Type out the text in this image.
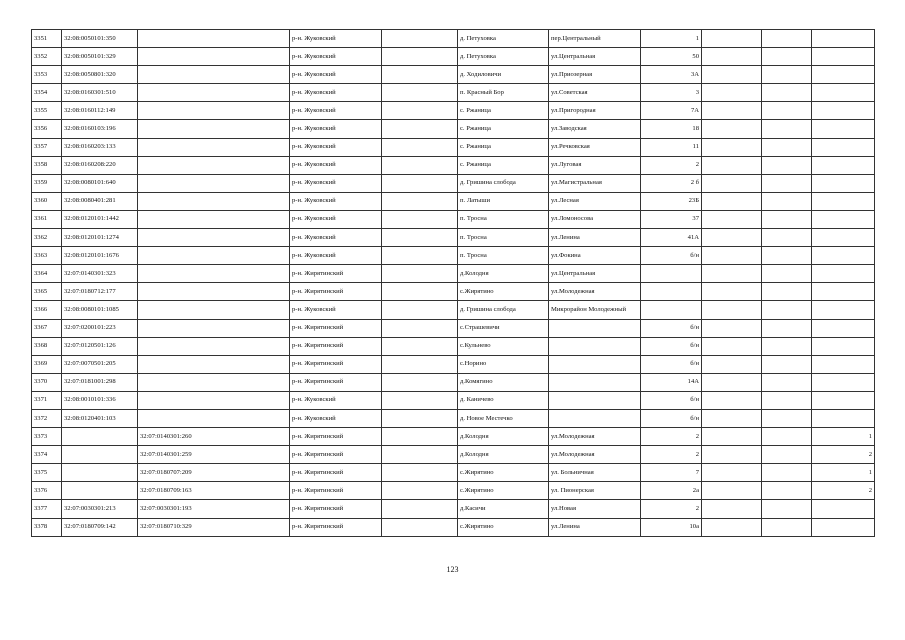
3351	32:08:0050101:350		р-н. Жуковский		д. Петуховка	пер.Центральный	1			
3352	32:08:0050101:329		р-н. Жуковский		д. Петуховка	ул.Центральная	50			
3353	32:08:0050801:320		р-н. Жуковский		д. Ходиловичи	ул.Приозерная	3А			
3354	32:08:0160301:510		р-н. Жуковский		п. Красный Бор	ул.Советская	3			
3355	32:08:0160112:149		р-н. Жуковский		с. Ржаница	ул.Пригородная	7А			
3356	32:08:0160103:196		р-н. Жуковский		с. Ржаница	ул.Заводская	18			
3357	32:08:0160203:133		р-н. Жуковский		с. Ржаница	ул.Речковская	11			
3358	32:08:0160208:220		р-н. Жуковский		с. Ржаница	ул.Луговая	2			
3359	32:08:0080101:640		р-н. Жуковский		д. Гришина слобода	ул.Магистральная	2 б			
3360	32:08:0080401:281		р-н. Жуковский		п. Латыши	ул.Лесная	23Б			
3361	32:08:0120101:1442		р-н. Жуковский		п. Тросна	ул.Ломоносова	37			
3362	32:08:0120101:1274		р-н. Жуковский		п. Тросна	ул.Ленина	41А			
3363	32:08:0120101:1676		р-н. Жуковский		п. Тросна	ул.Фокина	б/н			
3364	32:07:0140301:323		р-н. Жирятинский		д.Колодня	ул.Центральная				
3365	32:07:0180712:177		р-н. Жирятинский		с.Жирятино	ул.Молодежная				
3366	32:08:0080101:1085		р-н. Жуковский		д. Гришина слобода	Микрорайон Молодежный				
3367	32:07:0200101:223		р-н. Жирятинский		с.Страшевичи		б/н			
3368	32:07:0120501:126		р-н. Жирятинский		с.Кульнево		б/н			
3369	32:07:0070501:205		р-н. Жирятинский		с.Норино		б/н			
3370	32:07:0181001:298		р-н. Жирятинский		д.Комягино		14А			
3371	32:08:0010101:336		р-н. Жуковский		д. Каничево		б/н			
3372	32:08:0120401:103		р-н. Жуковский		д. Новое Местечко		б/н			
3373		32:07:0140301:260	р-н. Жирятинский		д.Колодня	ул.Молодежная	2			1
3374		32:07:0140301:259	р-н. Жирятинский		д.Колодня	ул.Молодежная	2			2
3375		32:07:0180707:209	р-н. Жирятинский		с.Жирятино	ул. Больничная	7			1
3376		32:07:0180709:163	р-н. Жирятинский		с.Жирятино	ул. Пионерская	2а			2
3377	32:07:0030301:213	32:07:0030301:193	р-н. Жирятинский		д.Касичи	ул.Новая	2			
3378	32:07:0180709:142	32:07:0180710:329	р-н. Жирятинский		с.Жирятино	ул.Ленина	10а			
123
